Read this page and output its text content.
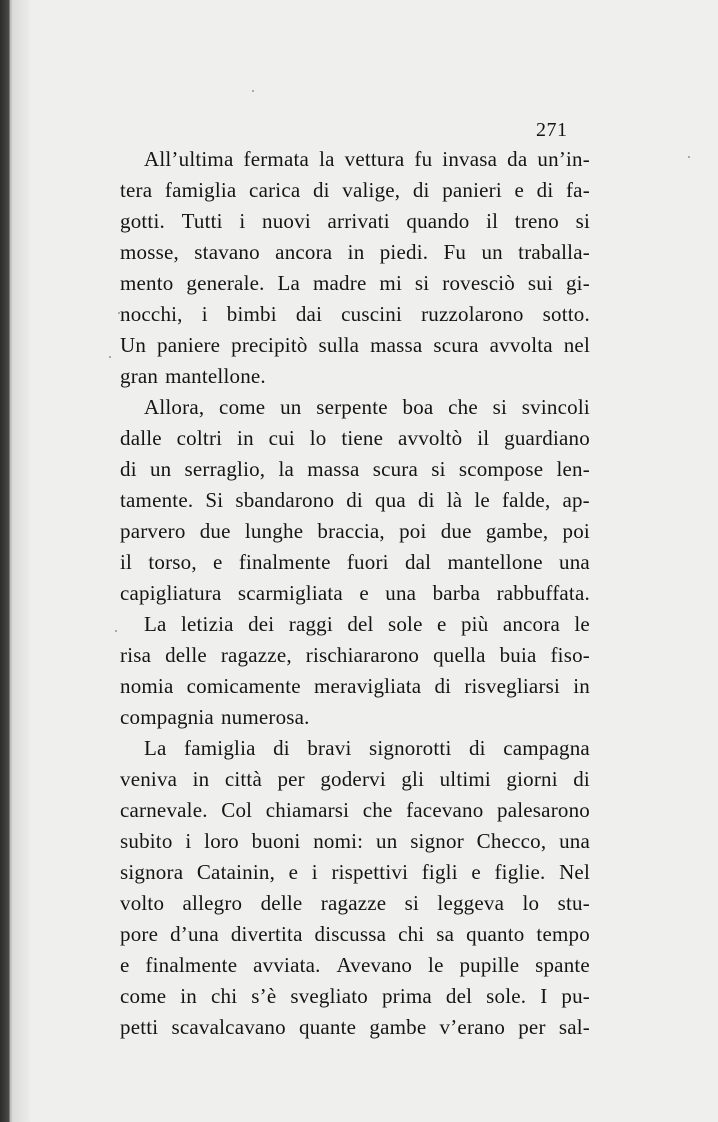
271
All’ultima fermata la vettura fu invasa da un’in-
tera famiglia carica di valige, di panieri e di fa-
gotti. Tutti i nuovi arrivati quando il treno si
mosse, stavano ancora in piedi. Fu un traballa-
mento generale. La madre mi si rovesciò sui gi-
nocchi, i bimbi dai cuscini ruzzolarono sotto.
Un paniere precipitò sulla massa scura avvolta nel
gran mantellone.
Allora, come un serpente boa che si svincoli
dalle coltri in cui lo tiene avvoltò il guardiano
di un serraglio, la massa scura si scompose len-
tamente. Si sbandarono di qua di là le falde, ap-
parvero due lunghe braccia, poi due gambe, poi
il torso, e finalmente fuori dal mantellone una
capigliatura scarmigliata e una barba rabbuffata.
La letizia dei raggi del sole e più ancora le
risa delle ragazze, rischiararono quella buia fiso-
nomia comicamente meravigliata di risvegliarsi in
compagnia numerosa.
La famiglia di bravi signorotti di campagna
veniva in città per godervi gli ultimi giorni di
carnevale. Col chiamarsi che facevano palesarono
subito i loro buoni nomi: un signor Checco, una
signora Catainin, e i rispettivi figli e figlie. Nel
volto allegro delle ragazze si leggeva lo stu-
pore d’una divertita discussa chi sa quanto tempo
e finalmente avviata. Avevano le pupille spante
come in chi s’è svegliato prima del sole. I pu-
petti scavalcavano quante gambe v’erano per sal-
